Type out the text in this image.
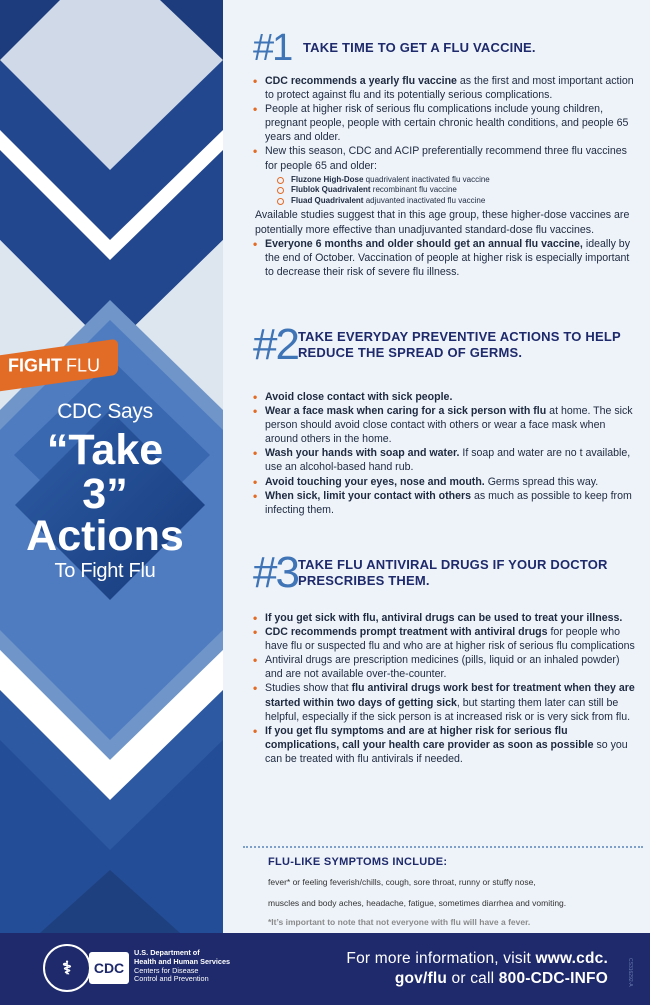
FIGHT FLU
CDC Says
“Take 3”
Actions
To Fight Flu
#1 TAKE TIME TO GET A FLU VACCINE.
• CDC recommends a yearly flu vaccine as the first and most important action to protect against flu and its potentially serious complications.
• People at higher risk of serious flu complications include young children, pregnant people, people with certain chronic health conditions, and people 65 years and older.
• New this season, CDC and ACIP preferentially recommend three flu vaccines for people 65 and older:
Fluzone High-Dose quadrivalent inactivated flu vaccine
Flublok Quadrivalent recombinant flu vaccine
Fluad Quadrivalent adjuvanted inactivated flu vaccine
Available studies suggest that in this age group, these higher-dose vaccines are potentially more effective than unadjuvanted standard-dose flu vaccines.
• Everyone 6 months and older should get an annual flu vaccine, ideally by the end of October. Vaccination of people at higher risk is especially important to decrease their risk of severe flu illness.
#2 TAKE EVERYDAY PREVENTIVE ACTIONS TO HELP REDUCE THE SPREAD OF GERMS.
• Avoid close contact with sick people.
• Wear a face mask when caring for a sick person with flu at home. The sick person should avoid close contact with others or wear a face mask when around others in the home.
• Wash your hands with soap and water. If soap and water are no t available, use an alcohol-based hand rub.
• Avoid touching your eyes, nose and mouth. Germs spread this way.
• When sick, limit your contact with others as much as possible to keep from infecting them.
#3 TAKE FLU ANTIVIRAL DRUGS IF YOUR DOCTOR PRESCRIBES THEM.
• If you get sick with flu, antiviral drugs can be used to treat your illness.
• CDC recommends prompt treatment with antiviral drugs for people who have flu or suspected flu and who are at higher risk of serious flu complications
• Antiviral drugs are prescription medicines (pills, liquid or an inhaled powder) and are not available over-the-counter.
• Studies show that flu antiviral drugs work best for treatment when they are started within two days of getting sick, but starting them later can still be helpful, especially if the sick person is at increased risk or is very sick from flu.
• If you get flu symptoms and are at higher risk for serious flu complications, call your health care provider as soon as possible so you can be treated with flu antivirals if needed.
FLU-LIKE SYMPTOMS INCLUDE:

fever* or feeling feverish/chills, cough, sore throat, runny or stuffy nose,

muscles and body aches, headache, fatigue, sometimes diarrhea and vomiting.

*It’s important to note that not everyone with flu will have a fever.

⚕ CDC
U.S. Department of
Health and Human Services
Centers for Disease
Control and Prevention
For more information, visit www.cdc.
gov/flu or call 800-CDC-INFO	CS316292-A
